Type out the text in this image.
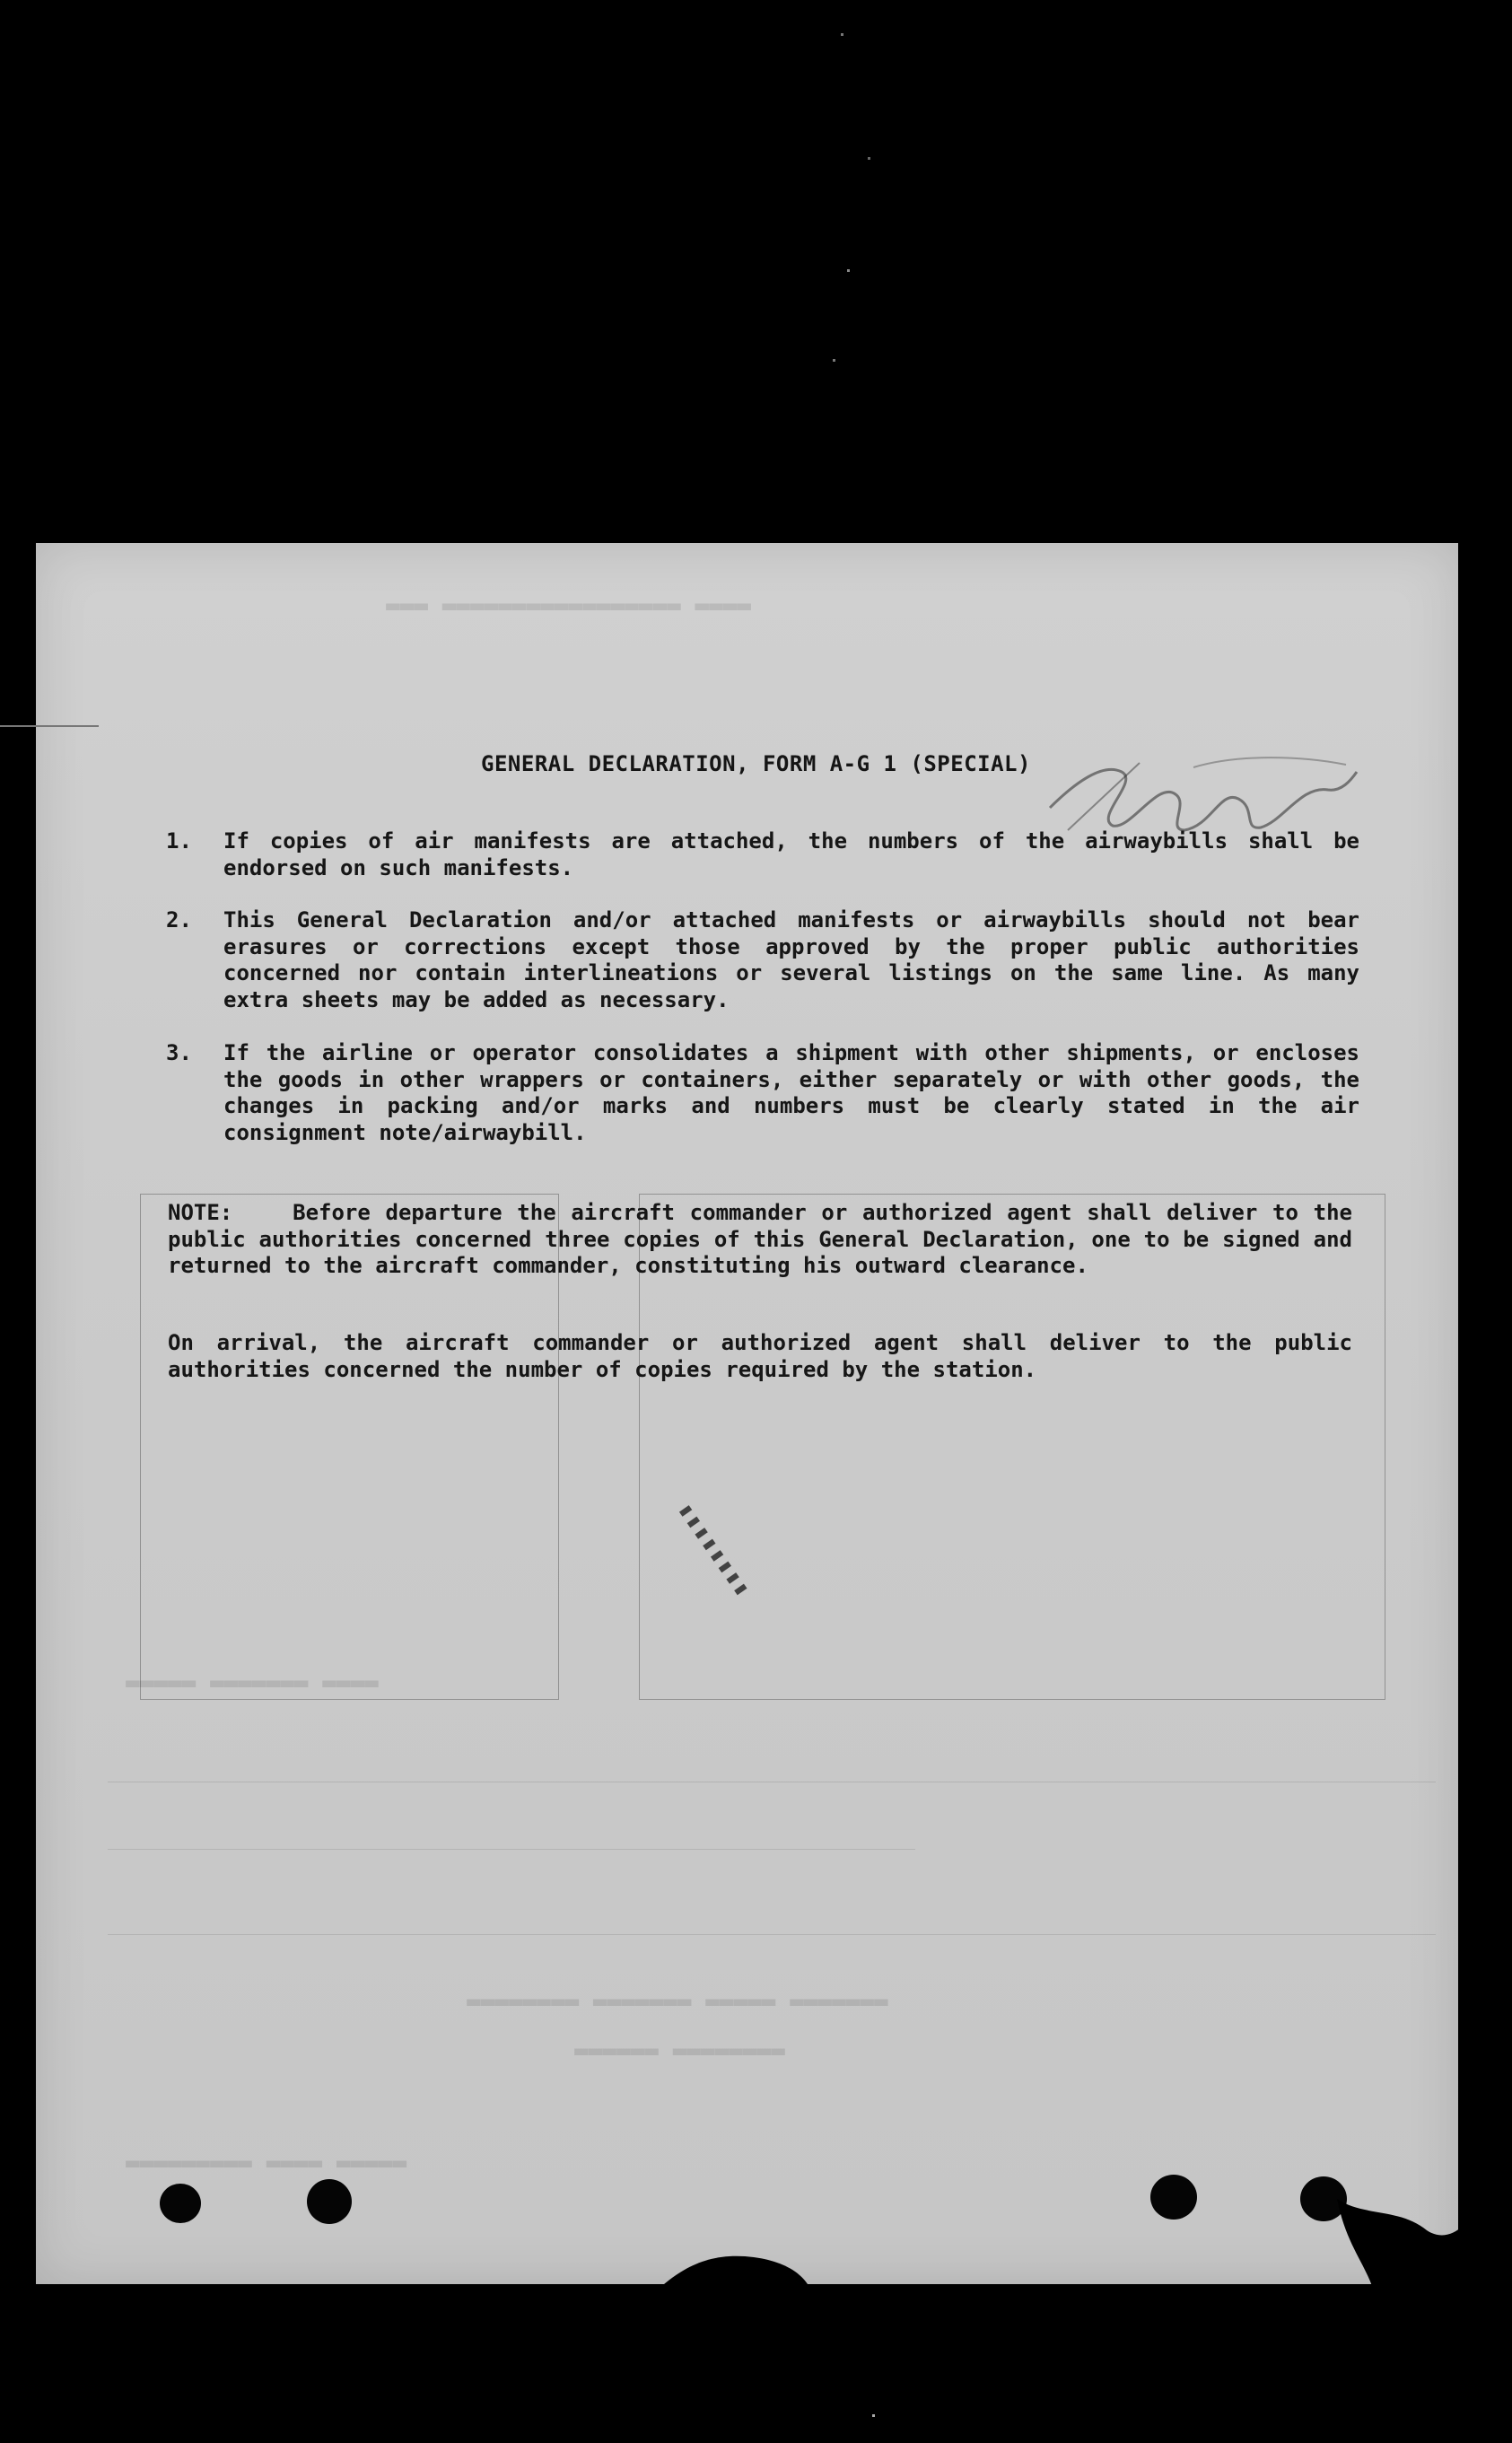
▬▬▬▬ ▬▬▬▬▬▬▬▬▬▬▬▬▬▬▬▬▬ ▬▬▬
▬▬▬▬ ▬▬▬▬▬▬▬ ▬▬▬▬▬
▬▬▬▬▬▬▬ ▬▬▬▬▬ ▬▬▬▬▬▬▬ ▬▬▬▬▬▬▬▬
▬▬▬▬▬▬▬▬ ▬▬▬▬▬▬
▬▬▬▬▬ ▬▬▬▬ ▬▬▬▬▬▬▬▬▬
GENERAL DECLARATION, FORM A-G 1 (SPECIAL)
1. If copies of air manifests are attached, the numbers of the airwaybills shall be endorsed on such manifests.
2. This General Declaration and/or attached manifests or airwaybills should not bear erasures or corrections except those approved by the proper public authorities concerned nor contain interlineations or several listings on the same line. As many extra sheets may be added as necessary.
3. If the airline or operator consolidates a shipment with other shipments, or encloses the goods in other wrappers or containers, either separately or with other goods, the changes in packing and/or marks and numbers must be clearly stated in the air consignment note/airwaybill.
NOTE:	Before departure the aircraft commander or authorized agent shall deliver to the public authorities concerned three copies of this General Declaration, one to be signed and returned to the aircraft commander, constituting his outward clearance.
On arrival, the aircraft commander or authorized agent shall deliver to the public authorities concerned the number of copies required by the station.
▮▮▮▮▮▮▮▮
